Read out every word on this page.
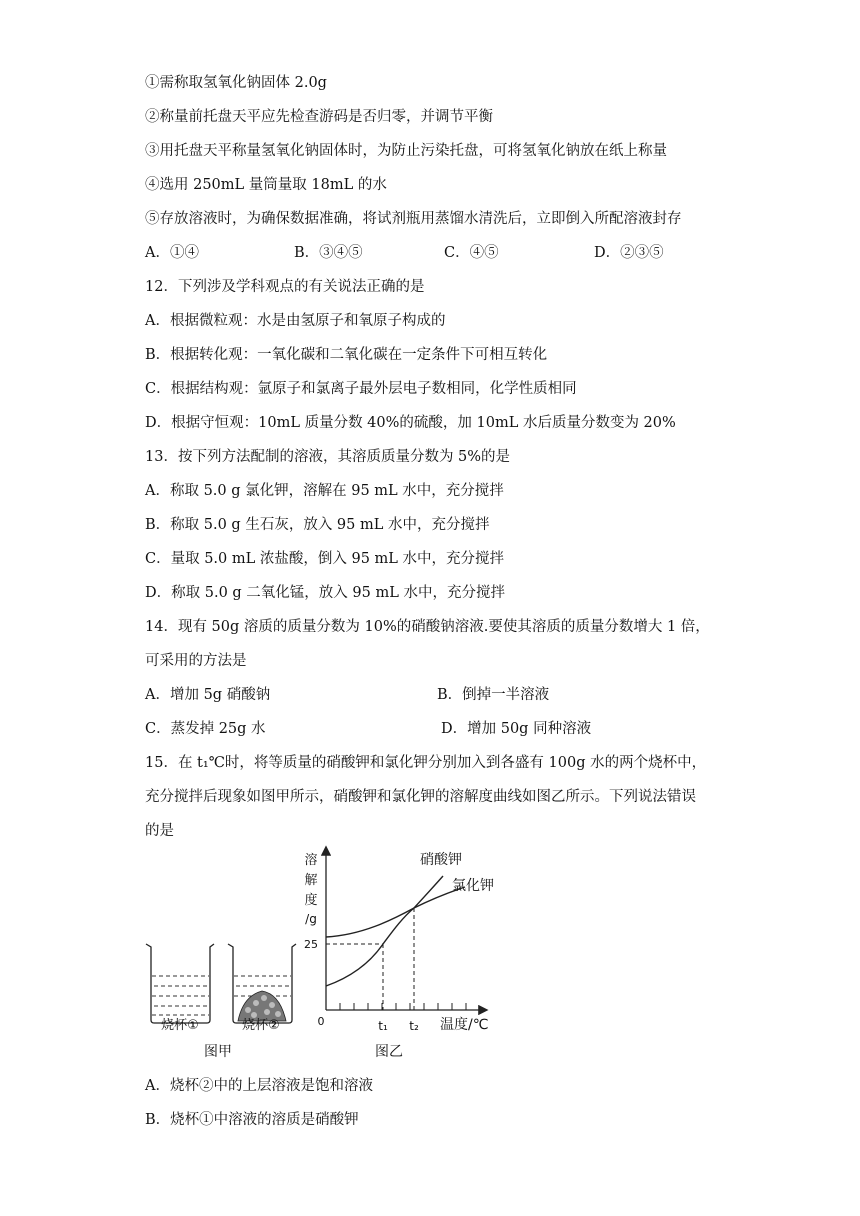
①需称取氢氧化钠固体 2.0g
②称量前托盘天平应先检查游码是否归零，并调节平衡
③用托盘天平称量氢氧化钠固体时，为防止污染托盘，可将氢氧化钠放在纸上称量
④选用 250mL 量筒量取 18mL 的水
⑤存放溶液时，为确保数据准确，将试剂瓶用蒸馏水清洗后，立即倒入所配溶液封存
A．①④	B．③④⑤	C．④⑤	D．②③⑤
12．下列涉及学科观点的有关说法正确的是
A．根据微粒观：水是由氢原子和氧原子构成的
B．根据转化观：一氧化碳和二氧化碳在一定条件下可相互转化
C．根据结构观：氩原子和氯离子最外层电子数相同，化学性质相同
D．根据守恒观：10mL 质量分数 40%的硫酸，加 10mL 水后质量分数变为 20%
13．按下列方法配制的溶液，其溶质质量分数为 5%的是
A．称取 5.0 g 氯化钾，溶解在 95 mL 水中，充分搅拌
B．称取 5.0 g 生石灰，放入 95 mL 水中，充分搅拌
C．量取 5.0 mL 浓盐酸，倒入 95 mL 水中，充分搅拌
D．称取 5.0 g 二氧化锰，放入 95 mL 水中，充分搅拌
14．现有 50g 溶质的质量分数为 10%的硝酸钠溶液.要使其溶质的质量分数增大 1 倍，
可采用的方法是
A．增加 5g 硝酸钠	B．倒掉一半溶液
C．蒸发掉 25g 水	D．增加 50g 同种溶液
15．在 t₁℃时，将等质量的硝酸钾和氯化钾分别加入到各盛有 100g 水的两个烧杯中，
充分搅拌后现象如图甲所示，硝酸钾和氯化钾的溶解度曲线如图乙所示。下列说法错误
的是
烧杯①	烧杯②
图甲
溶
解
度
/g
25
0	t₁ t₂ 温度/℃
硝酸钾
氯化钾
图乙
A．烧杯②中的上层溶液是饱和溶液
B．烧杯①中溶液的溶质是硝酸钾
